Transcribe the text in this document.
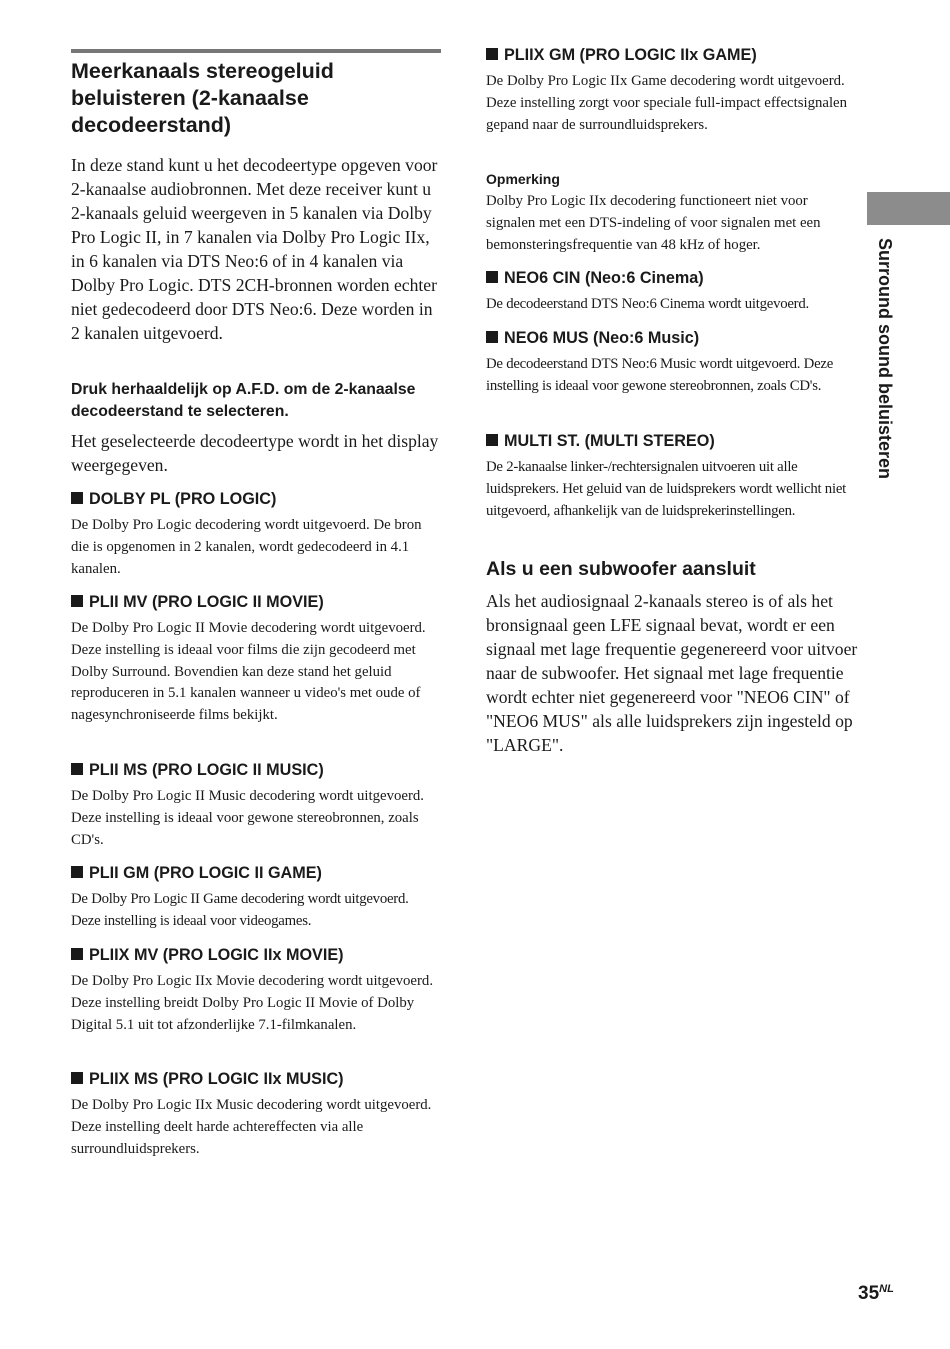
Meerkanaals stereogeluid beluisteren (2-kanaalse decodeerstand)

In deze stand kunt u het decodeertype opgeven voor 2-kanaalse audiobronnen. Met deze receiver kunt u 2-kanaals geluid weergeven in 5 kanalen via Dolby Pro Logic II, in 7 kanalen via Dolby Pro Logic IIx, in 6 kanalen via DTS Neo:6 of in 4 kanalen via Dolby Pro Logic. DTS 2CH-bronnen worden echter niet gedecodeerd door DTS Neo:6. Deze worden in 2 kanalen uitgevoerd.

Druk herhaaldelijk op A.F.D. om de 2-kanaalse decodeerstand te selecteren.

Het geselecteerde decodeertype wordt in het display weergegeven.

DOLBY PL (PRO LOGIC)

De Dolby Pro Logic decodering wordt uitgevoerd. De bron die is opgenomen in 2 kanalen, wordt gedecodeerd in 4.1 kanalen.

PLII MV (PRO LOGIC II MOVIE)

De Dolby Pro Logic II Movie decodering wordt uitgevoerd. Deze instelling is ideaal voor films die zijn gecodeerd met Dolby Surround. Bovendien kan deze stand het geluid reproduceren in 5.1 kanalen wanneer u video's met oude of nagesynchroniseerde films bekijkt.

PLII MS (PRO LOGIC II MUSIC)

De Dolby Pro Logic II Music decodering wordt uitgevoerd. Deze instelling is ideaal voor gewone stereobronnen, zoals CD's.

PLII GM (PRO LOGIC II GAME)

De Dolby Pro Logic II Game decodering wordt uitgevoerd. Deze instelling is ideaal voor videogames.

PLIIX MV (PRO LOGIC IIx MOVIE)

De Dolby Pro Logic IIx Movie decodering wordt uitgevoerd. Deze instelling breidt Dolby Pro Logic II Movie of Dolby Digital 5.1 uit tot afzonderlijke 7.1-filmkanalen.

PLIIX MS (PRO LOGIC IIx MUSIC)

De Dolby Pro Logic IIx Music decodering wordt uitgevoerd. Deze instelling deelt harde achtereffecten via alle surroundluidsprekers.

PLIIX GM (PRO LOGIC IIx GAME)

De Dolby Pro Logic IIx Game decodering wordt uitgevoerd. Deze instelling zorgt voor speciale full-impact effectsignalen gepand naar de surroundluidsprekers.

Opmerking

Dolby Pro Logic IIx decodering functioneert niet voor signalen met een DTS-indeling of voor signalen met een bemonsteringsfrequentie van 48 kHz of hoger.

NEO6 CIN (Neo:6 Cinema)

De decodeerstand DTS Neo:6 Cinema wordt uitgevoerd.

NEO6 MUS (Neo:6 Music)

De decodeerstand DTS Neo:6 Music wordt uitgevoerd. Deze instelling is ideaal voor gewone stereobronnen, zoals CD's.

MULTI ST. (MULTI STEREO)

De 2-kanaalse linker-/rechtersignalen uitvoeren uit alle luidsprekers. Het geluid van de luidsprekers wordt wellicht niet uitgevoerd, afhankelijk van de luidsprekerinstellingen.

Als u een subwoofer aansluit

Als het audiosignaal 2-kanaals stereo is of als het bronsignaal geen LFE signaal bevat, wordt er een signaal met lage frequentie gegenereerd voor uitvoer naar de subwoofer. Het signaal met lage frequentie wordt echter niet gegenereerd voor "NEO6 CIN" of "NEO6 MUS" als alle luidsprekers zijn ingesteld op "LARGE".

Surround sound beluisteren
$35^{NL}$
